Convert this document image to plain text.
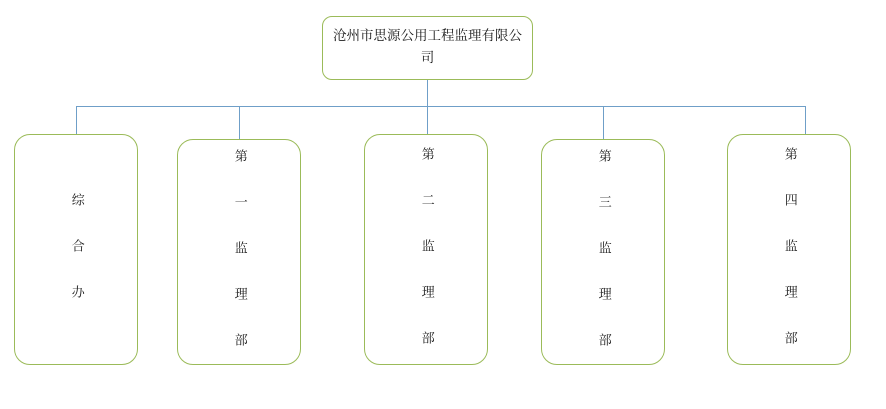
沧州市思源公用工程监理有限公司
综 合 办	第 一 监 理 部	第 二 监 理 部	第 三 监 理 部	第 四 监 理 部
